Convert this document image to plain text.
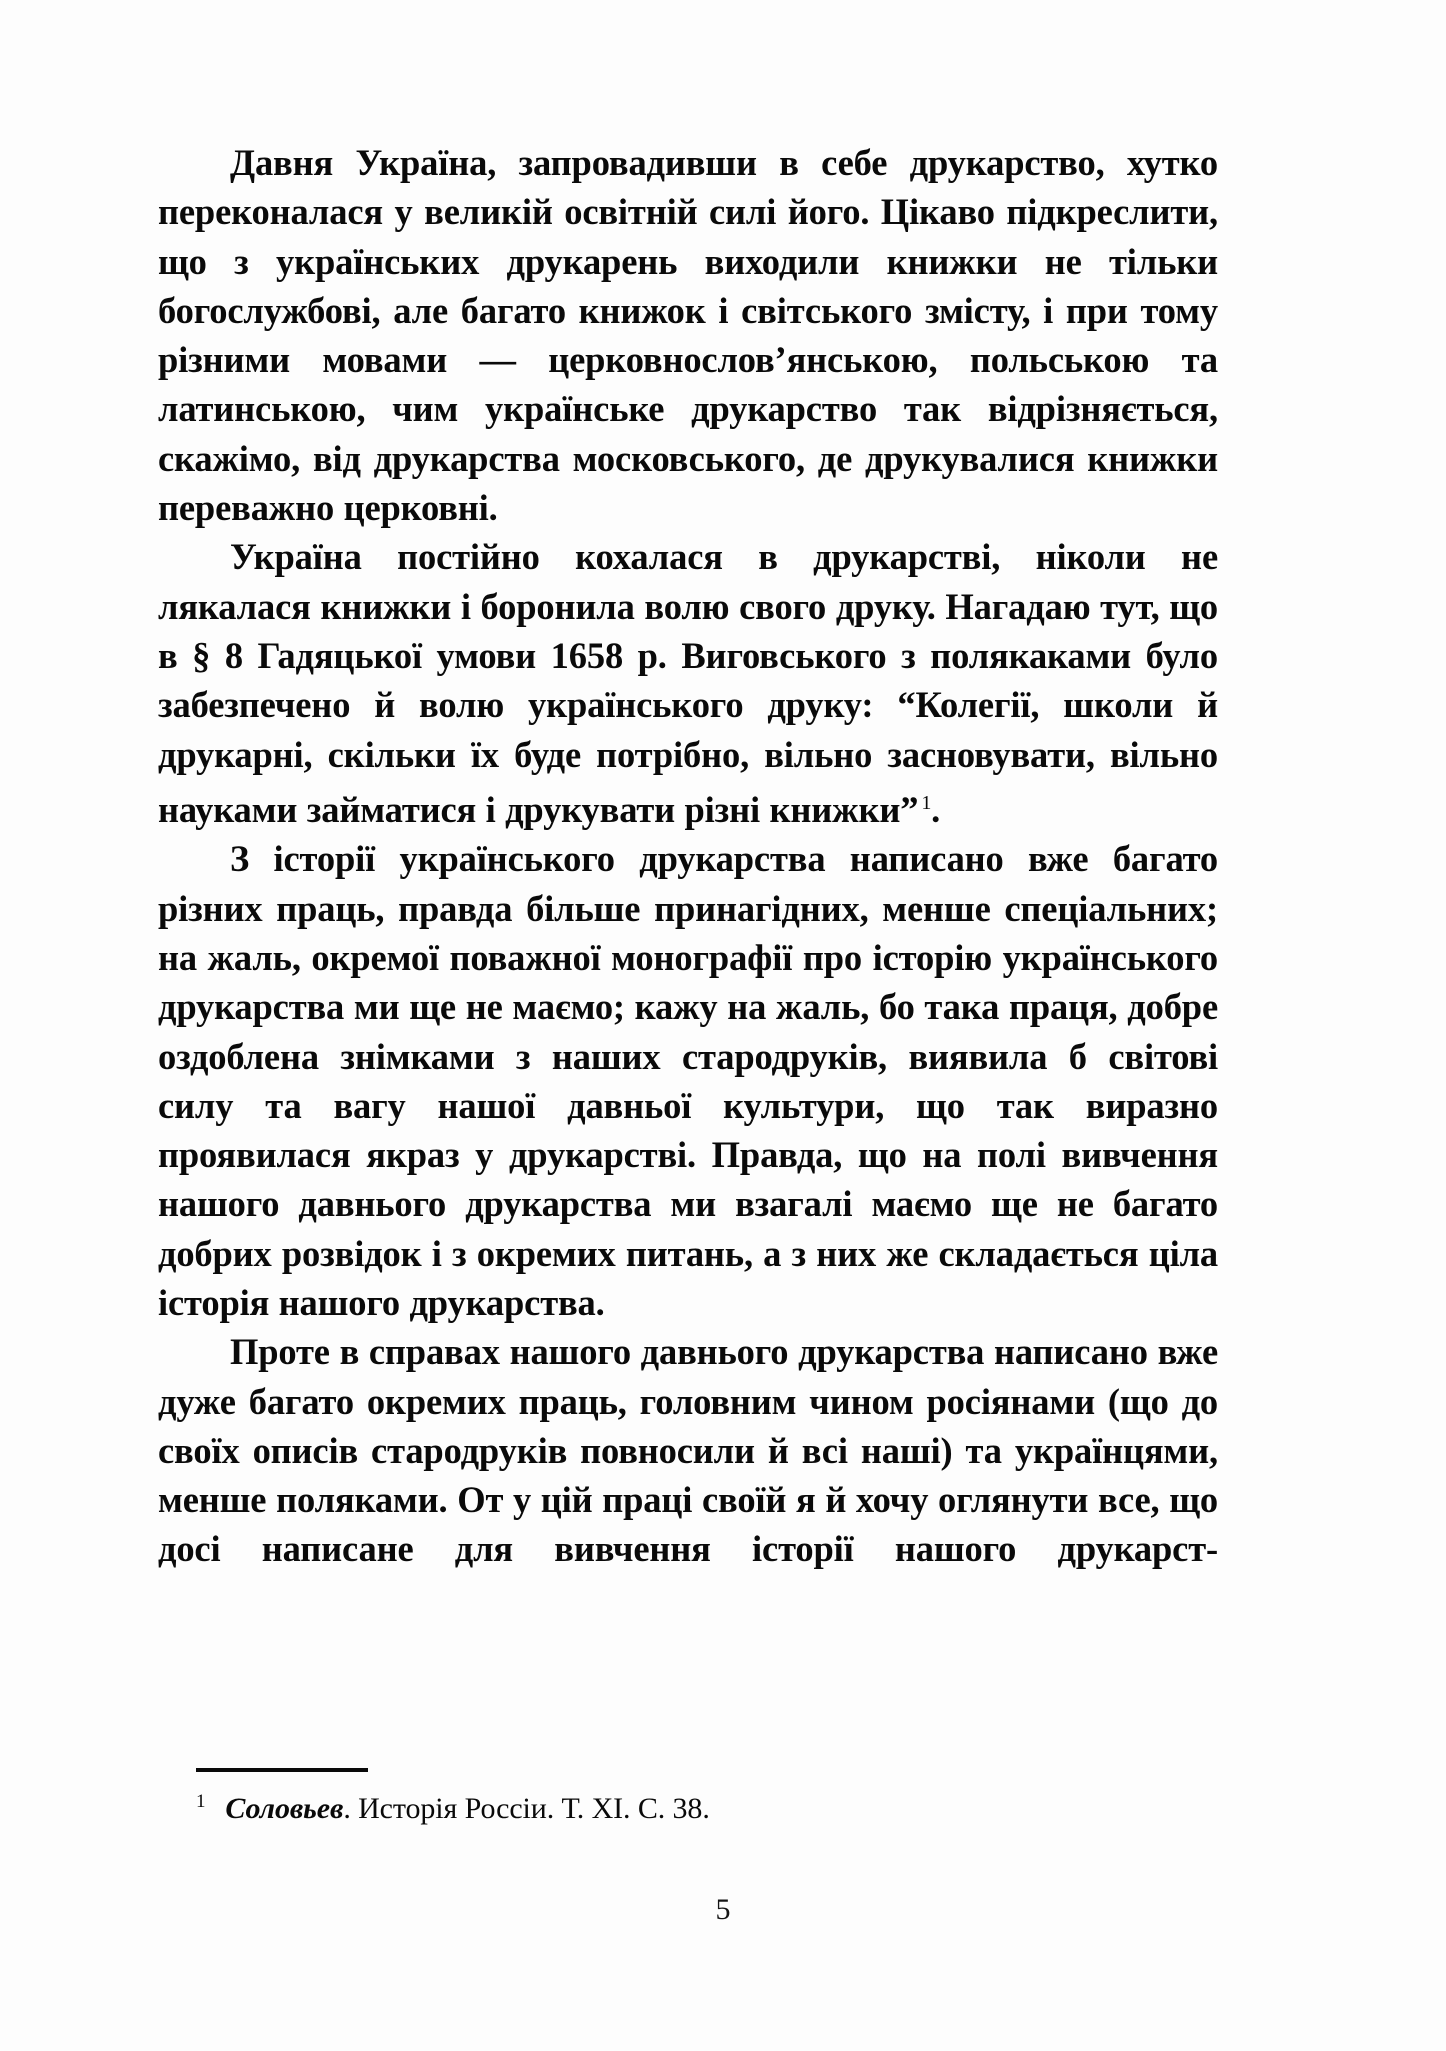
Давня Україна, запровадивши в себе друкарство, хутко переконалася у великій освітній силі його. Цікаво підкреслити, що з українських друкарень виходили книжки не тільки богослужбові, але багато книжок і світського змісту, і при тому різними мовами — церковнослов’янською, польською та латинською, чим українське друкарство так відрізняється, скажімо, від друкарства московського, де друкувалися книжки переважно церковні.

Україна постійно кохалася в друкарстві, ніколи не лякалася книжки і боронила волю свого друку. Нагадаю тут, що в § 8 Гадяцької умови 1658 р. Виговського з полякаками було забезпечено й волю українського друку: “Колегії, школи й друкарні, скільки їх буде потрібно, вільно засновувати, вільно науками займатися і друкувати різні книжки” $^1$.

З історії українського друкарства написано вже багато різних праць, правда більше принагідних, менше спеціальних; на жаль, окремої поважної монографії про історію українського друкарства ми ще не маємо; кажу на жаль, бо така праця, добре оздоблена знімками з наших стародруків, виявила б світові силу та вагу нашої давньої культури, що так виразно проявилася якраз у друкарстві. Правда, що на полі вивчення нашого давнього друкарства ми взагалі маємо ще не багато добрих розвідок і з окремих питань, а з них же складається ціла історія нашого друкарства.

Проте в справах нашого давнього друкарства написано вже дуже багато окремих праць, головним чином росіянами (що до своїх описів стародруків повносили й всі наші) та українцями, менше поляками. От у цій праці своїй я й хочу оглянути все, що досі написане для вивчення історії нашого друкарст-

$^1$ Соловьев. Исторія Россіи. Т. XI. С. 38.

5
